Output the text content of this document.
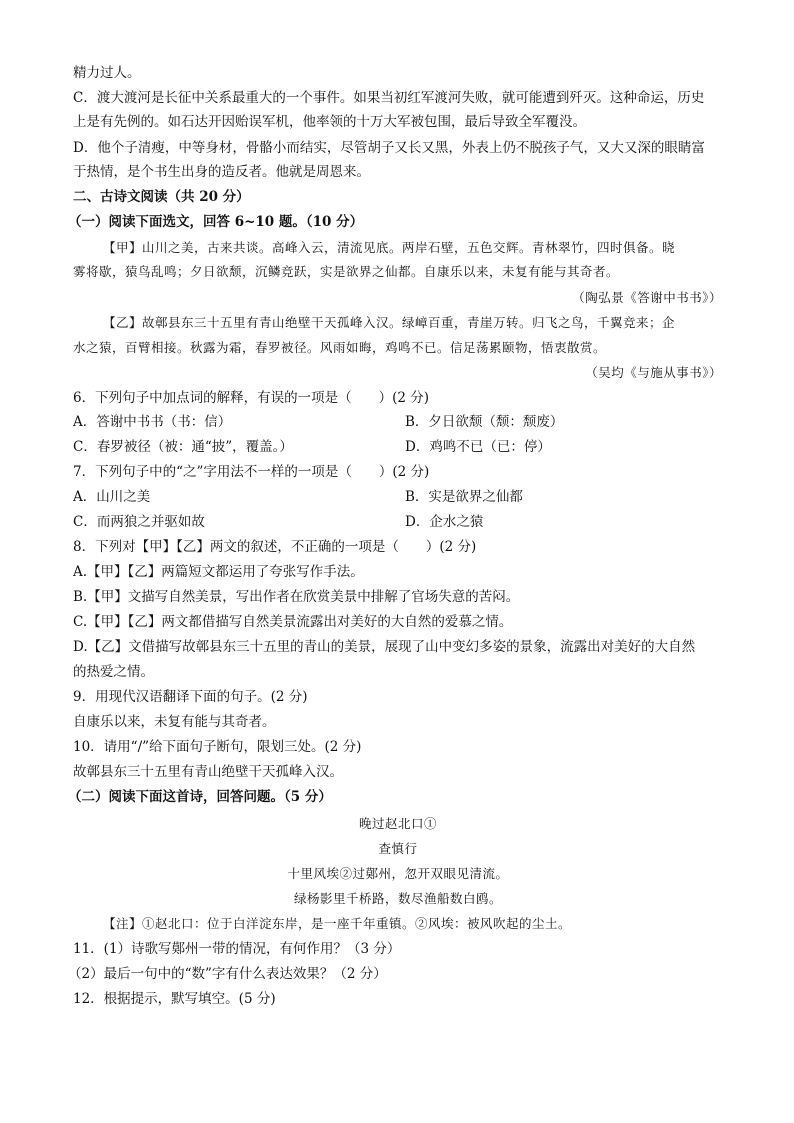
精力过人。
C．渡大渡河是长征中关系最重大的一个事件。如果当初红军渡河失败，就可能遭到歼灭。这种命运，历史
上是有先例的。如石达开因贻误军机，他率领的十万大军被包围，最后导致全军覆没。
D．他个子清瘦，中等身材，骨骼小而结实，尽管胡子又长又黑，外表上仍不脱孩子气，又大又深的眼睛富
于热情，是个书生出身的造反者。他就是周恩来。
二、古诗文阅读（共 20 分）
（一）阅读下面选文，回答 6~10 题。（10 分）
【甲】山川之美，古来共谈。高峰入云，清流见底。两岸石壁，五色交辉。青林翠竹，四时俱备。晓
雾将歇，猿鸟乱鸣；夕日欲颓，沉鳞竞跃，实是欲界之仙都。自康乐以来，未复有能与其奇者。
（陶弘景《答谢中书书》）
【乙】故鄣县东三十五里有青山绝壁干天孤峰入汉。绿嶂百重，青崖万转。归飞之鸟，千翼竞来；企
水之猿，百臂相接。秋露为霜，春罗被径。风雨如晦，鸡鸣不已。信足荡累颐物，悟衷散赏。
（吴均《与施从事书》）
6．下列句子中加点词的解释，有误的一项是（　　）(2 分)
A．答谢中书书（书：信）	B．夕日欲颓（颓：颓废）
C．春罗被径（被：通“披”，覆盖。）	D．鸡鸣不已（已：停）
7．下列句子中的“之”字用法不一样的一项是（　　）(2 分)
A．山川之美	B．实是欲界之仙都
C．而两狼之并驱如故	D．企水之猿
8．下列对【甲】【乙】两文的叙述，不正确的一项是（　　）(2 分)
A.【甲】【乙】两篇短文都运用了夸张写作手法。
B.【甲】文描写自然美景，写出作者在欣赏美景中排解了官场失意的苦闷。
C.【甲】【乙】两文都借描写自然美景流露出对美好的大自然的爱慕之情。
D.【乙】文借描写故鄣县东三十五里的青山的美景，展现了山中变幻多姿的景象，流露出对美好的大自然
的热爱之情。
9．用现代汉语翻译下面的句子。(2 分)
自康乐以来，未复有能与其奇者。
10．请用“/”给下面句子断句，限划三处。(2 分)
故鄣县东三十五里有青山绝壁干天孤峰入汉。
（二）阅读下面这首诗，回答问题。（5 分）
晚过赵北口①
查慎行
十里风埃②过鄚州，忽开双眼见清流。
绿杨影里千桥路，数尽渔船数白鸥。
【注】①赵北口：位于白洋淀东岸，是一座千年重镇。②风埃：被风吹起的尘土。
11．(1）诗歌写鄚州一带的情况，有何作用？（3 分）
（2）最后一句中的“数”字有什么表达效果？（2 分）
12．根据提示，默写填空。(5 分)
